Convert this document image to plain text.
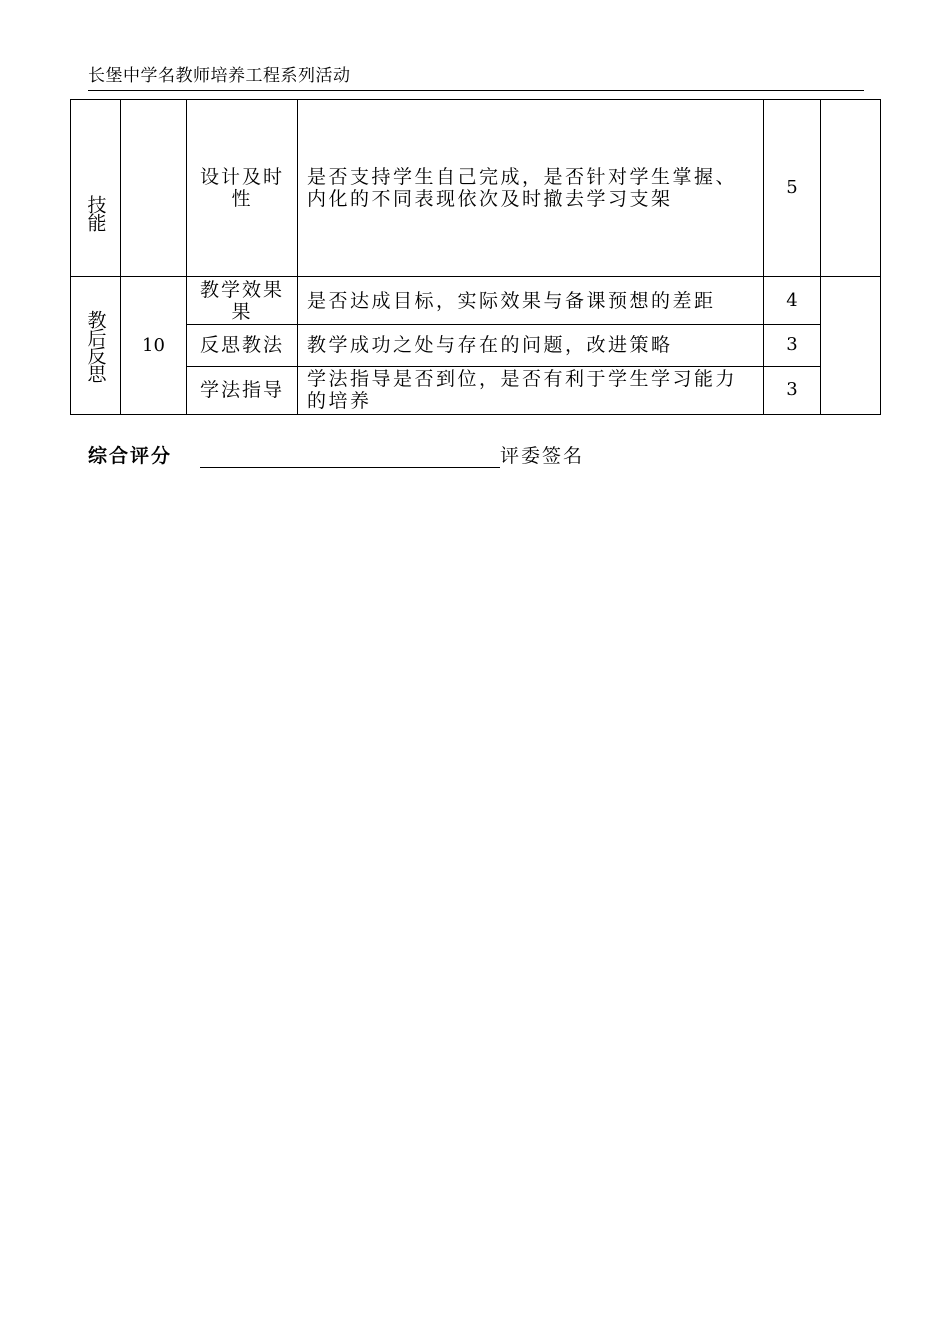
长堡中学名教师培养工程系列活动
技能		设计及时性	是否支持学生自己完成，是否针对学生掌握、内化的不同表现依次及时撤去学习支架	5	

教后反思	10	教学效果果	是否达成目标，实际效果与备课预想的差距	4	
		反思教法	教学成功之处与存在的问题，改进策略	3	
		学法指导	学法指导是否到位，是否有利于学生学习能力的培养	3	
综合评分	评委签名
